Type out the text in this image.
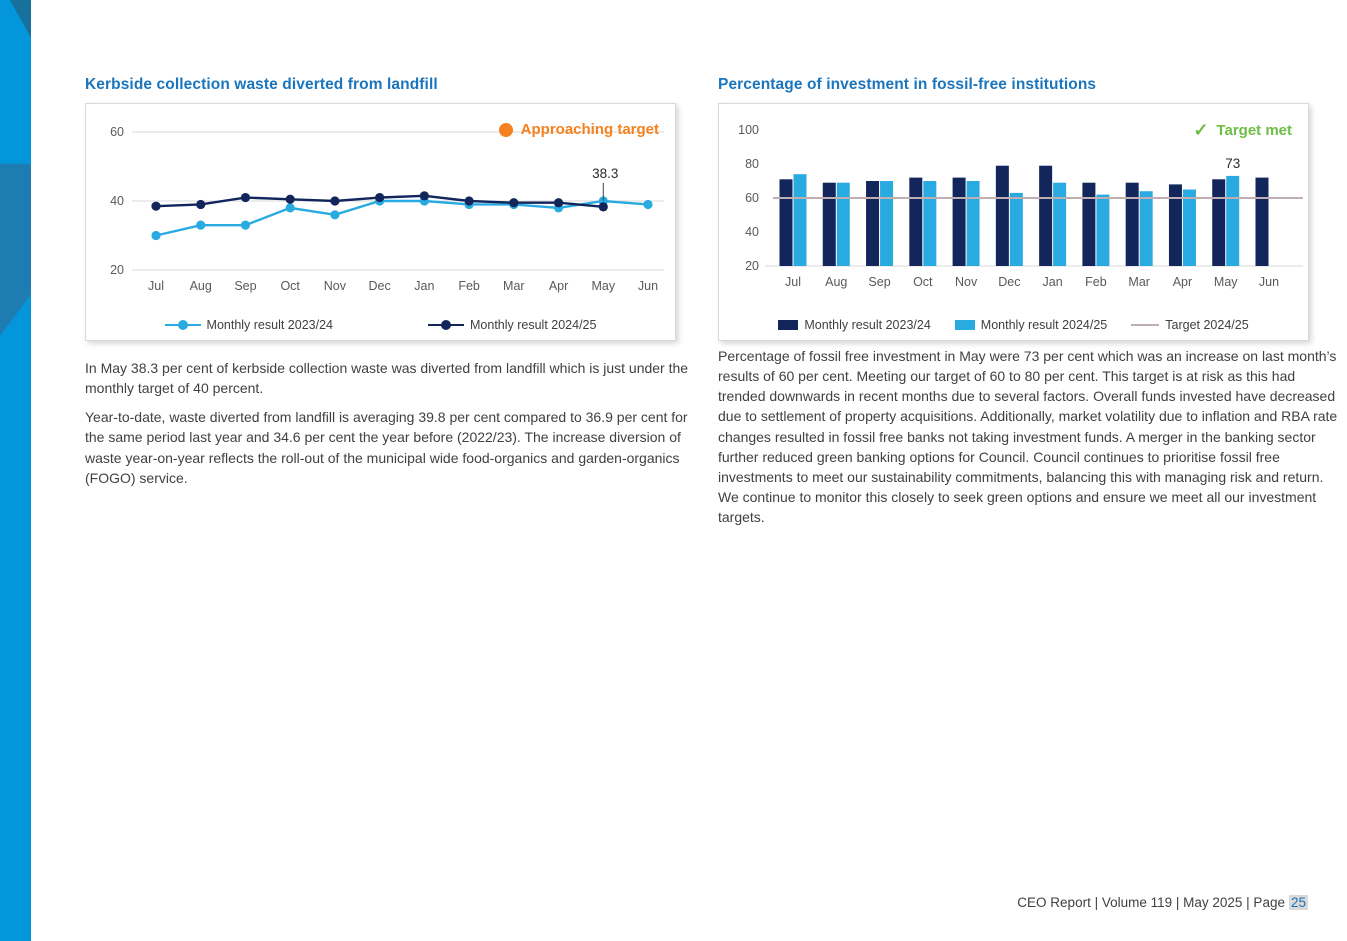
Kerbside collection waste diverted from landfill	Percentage of investment in fossil-free institutions
20
40
60
Jul Aug Sep Oct Nov Dec Jan Feb Mar Apr May Jun
38.3
Approaching target
Monthly result 2023/24	Monthly result 2024/25
20
40
60
80
100
Jul Aug Sep Oct Nov Dec Jan Feb Mar Apr May Jun
73
✓ Target met
Monthly result 2023/24	Monthly result 2024/25	Target 2024/25

In May 38.3 per cent of kerbside collection waste was diverted from landfill which is just under the monthly target of 40 percent.

Year-to-date, waste diverted from landfill is averaging 39.8 per cent compared to 36.9 per cent for the same period last year and 34.6 per cent the year before (2022/23). The increase diversion of waste year-on-year reflects the roll-out of the municipal wide food-organics and garden-organics (FOGO) service.

Percentage of fossil free investment in May were 73 per cent which was an increase on last month’s results of 60 per cent. Meeting our target of 60 to 80 per cent. This target is at risk as this had trended downwards in recent months due to several factors. Overall funds invested have decreased due to settlement of property acquisitions. Additionally, market volatility due to inflation and RBA rate changes resulted in fossil free banks not taking investment funds. A merger in the banking sector further reduced green banking options for Council. Council continues to prioritise fossil free investments to meet our sustainability commitments, balancing this with managing risk and return. We continue to monitor this closely to seek green options and ensure we meet all our investment targets.

CEO Report | Volume 119 | May 2025 | Page 25
